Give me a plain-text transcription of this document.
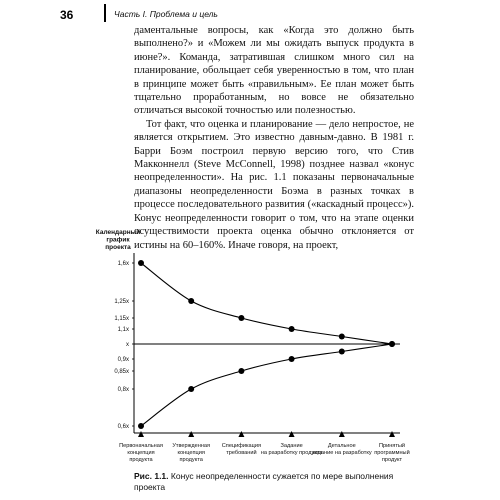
36	Часть I. Проблема и цель

даментальные вопросы, как «Когда это должно быть выполнено?» и «Можем ли мы ожидать выпуск продукта в июне?». Команда, затратившая слишком много сил на планирование, обольщает себя уверенностью в том, что план в принципе может быть «правильным». Ее план может быть тщательно проработанным, но вовсе не обязательно отличаться высокой точностью или полезностью.

Тот факт, что оценка и планирование — дело непростое, не является открытием. Это известно давным-давно. В 1981 г. Барри Боэм построил первую версию того, что Стив Макконнелл (Steve McConnell, 1998) позднее назвал «конус неопределенности». На рис. 1.1 показаны первоначальные диапазоны неопределенности Боэма в разных точках в процессе последовательного развития («каскадный процесс»). Конус неопределенности говорит о том, что на этапе оценки осуществимости проекта оценка обычно отклоняется от истины на 60–160%. Иначе говоря, на проект,

Календарный график проекта
1,6x
1,25x
1,15x
1,1x
x
0,9x
0,85x
0,8x
0,6x
Первоначальная концепция продукта
Утвержденная концепция продукта
Спецификация требований
Задание на разработку продукта
Детальное задание на разработку
Принятый программный продукт
Рис. 1.1. Конус неопределенности сужается по мере выполнения проекта
